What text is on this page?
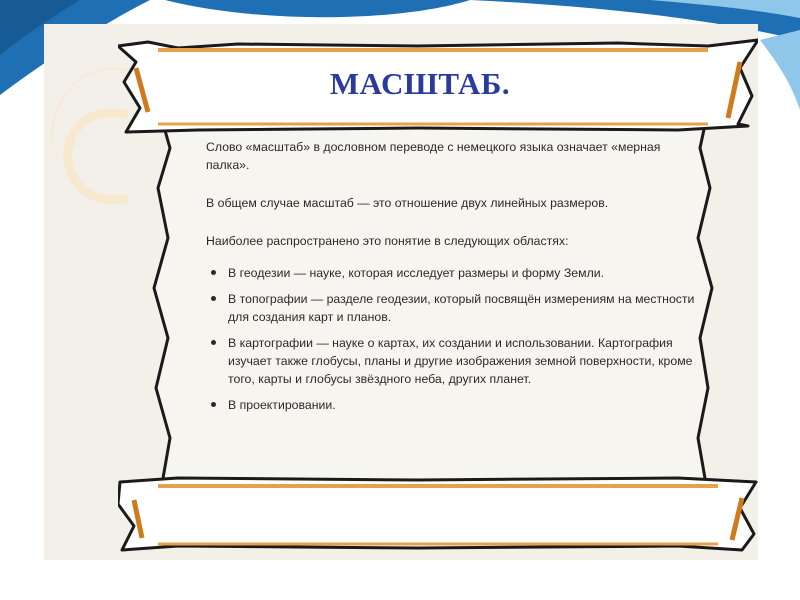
МАСШТАБ.

Слово «масштаб» в дословном переводе с немецкого языка означает «мерная палка».

В общем случае масштаб — это отношение двух линейных размеров.

Наиболее распространено это понятие в следующих областях:

В геодезии — науке, которая исследует размеры и форму Земли.
В топографии — разделе геодезии, который посвящён измерениям на местности для создания карт и планов.
В картографии — науке о картах, их создании и использовании. Картография изучает также глобусы, планы и другие изображения земной поверхности, кроме того, карты и глобусы звёздного неба, других планет.
В проектировании.
